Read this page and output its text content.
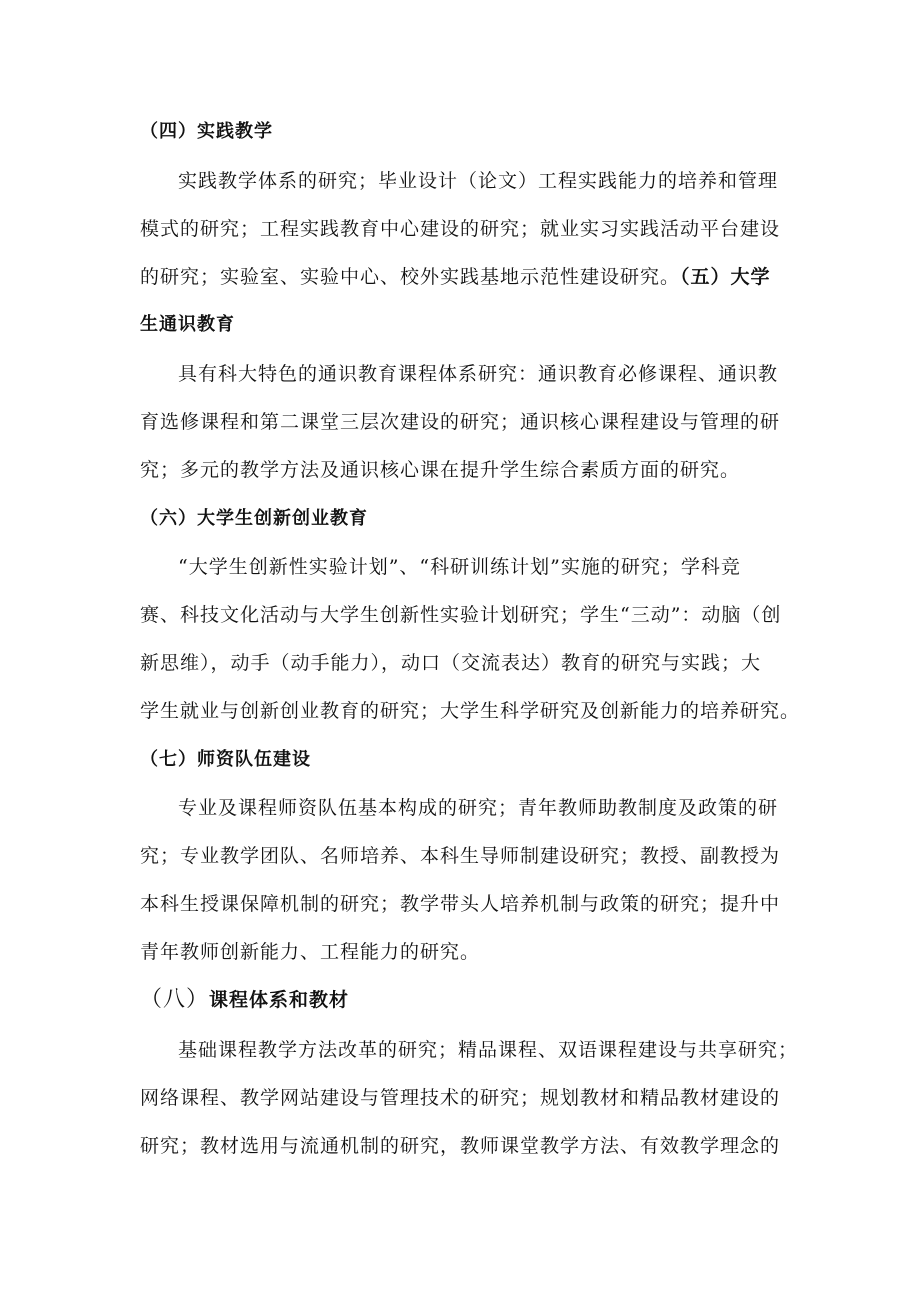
（四）实践教学
实践教学体系的研究；毕业设计（论文）工程实践能力的培养和管理
模式的研究；工程实践教育中心建设的研究；就业实习实践活动平台建设
的研究；实验室、实验中心、校外实践基地示范性建设研究。（五）大学
生通识教育
具有科大特色的通识教育课程体系研究：通识教育必修课程、通识教
育选修课程和第二课堂三层次建设的研究；通识核心课程建设与管理的研
究；多元的教学方法及通识核心课在提升学生综合素质方面的研究。
（六）大学生创新创业教育
“大学生创新性实验计划”、“科研训练计划”实施的研究；学科竞
赛、科技文化活动与大学生创新性实验计划研究；学生“三动”：动脑（创
新思维），动手（动手能力），动口（交流表达）教育的研究与实践；大
学生就业与创新创业教育的研究；大学生科学研究及创新能力的培养研究。
（七）师资队伍建设
专业及课程师资队伍基本构成的研究；青年教师助教制度及政策的研
究；专业教学团队、名师培养、本科生导师制建设研究；教授、副教授为
本科生授课保障机制的研究；教学带头人培养机制与政策的研究；提升中
青年教师创新能力、工程能力的研究。
（八）课程体系和教材
基础课程教学方法改革的研究；精品课程、双语课程建设与共享研究；
网络课程、教学网站建设与管理技术的研究；规划教材和精品教材建设的
研究；教材选用与流通机制的研究，教师课堂教学方法、有效教学理念的
